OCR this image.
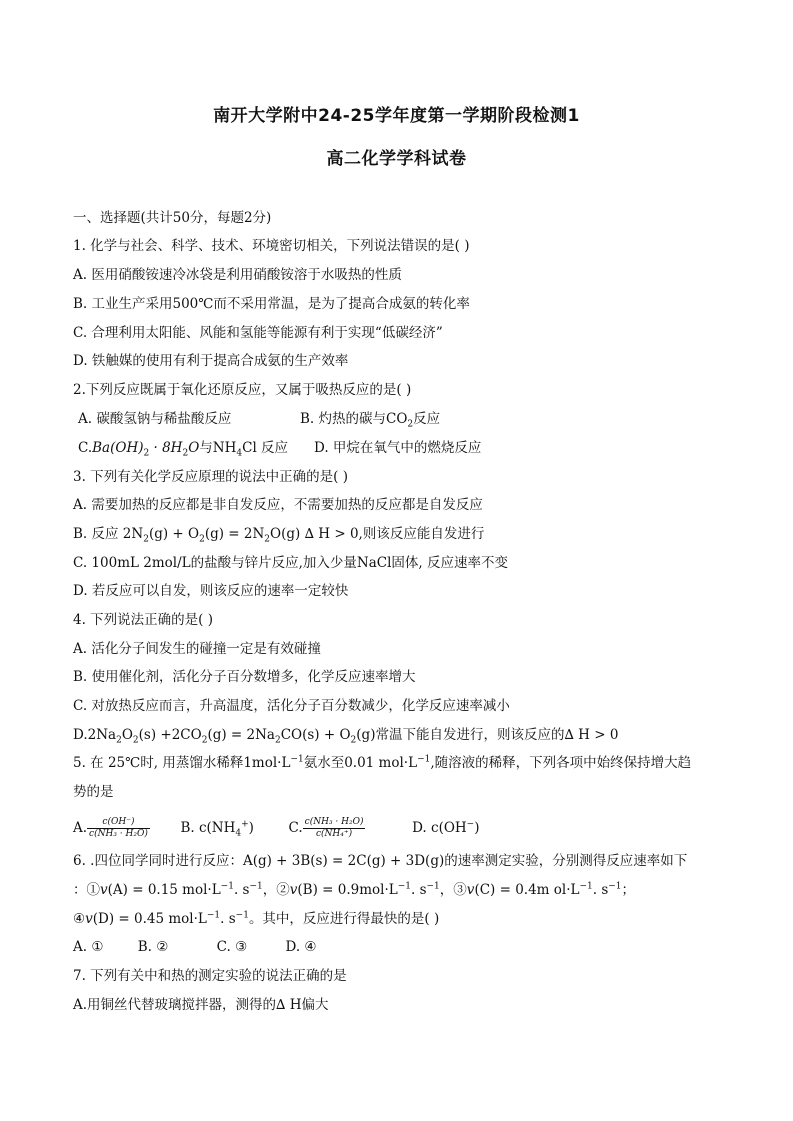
南开大学附中24-25学年度第一学期阶段检测1
高二化学学科试卷
一、选择题(共计50分，每题2分)
1. 化学与社会、科学、技术、环境密切相关，下列说法错误的是( )
A. 医用硝酸铵速冷冰袋是利用硝酸铵溶于水吸热的性质
B. 工业生产采用500℃而不采用常温，是为了提高合成氨的转化率
C. 合理利用太阳能、风能和氢能等能源有利于实现“低碳经济”
D. 铁触媒的使用有利于提高合成氨的生产效率
2.下列反应既属于氧化还原反应，又属于吸热反应的是( )
A. 碳酸氢钠与稀盐酸反应	B. 灼热的碳与$CO_2$反应
$C.Ba(OH)_2 \cdot 8H_2O$与$NH_4Cl$ 反应 D. 甲烷在氧气中的燃烧反应
3. 下列有关化学反应原理的说法中正确的是( )
A. 需要加热的反应都是非自发反应，不需要加热的反应都是自发反应
B. 反应 $2N_2(g) + O_2(g) = 2N_2O(g)$ ∆ H > 0,则该反应能自发进行
C. 100mL 2mol/L的盐酸与锌片反应,加入少量NaCl固体, 反应速率不变
D. 若反应可以自发，则该反应的速率一定较快
4. 下列说法正确的是( )
A. 活化分子间发生的碰撞一定是有效碰撞
B. 使用催化剂，活化分子百分数增多，化学反应速率增大
C. 对放热反应而言，升高温度，活化分子百分数减少，化学反应速率减小
$D.2Na_2O_2(s) +2CO_2(g) = 2Na_2CO(s) + O_2(g)$常温下能自发进行，则该反应的∆ H > 0
5. 在 25℃时, 用蒸馏水稀释$1mol\cdot L^{-1}$氨水至0.01 $mol\cdot L^{-1}$,随溶液的稀释，下列各项中始终保持增大趋
势的是
A. $\frac{c(OH^-)}{\text{c(NH₃ · H₂O)}} B$. $c(NH_4^+)$	C. $\frac{\text{c(NH₃ · H₂O)}}{\text{c(NH₄⁺)}}$	D. c(OH−)
6. .四位同学同时进行反应：A(g) + 3B(s) = 2C(g) + 3D(g)的速率测定实验，分别测得反应速率如下
：①v(A) = 0.15 $mol\cdot L^{-1}$. $s^{-1}$，②v(B) = $0.9mol\cdot L^{-1}$. $s^{-1}$，③v(C) = 0.4m $ol\cdot L^{-1}$. $s^{-1}$；
④v(D) = 0.45 $mol\cdot L^{-1}$. $s^{-1}$。其中，反应进行得最快的是( )
A. ①	B. ②	C. ③	D. ④
7. 下列有关中和热的测定实验的说法正确的是
A.用铜丝代替玻璃搅拌器，测得的∆ H偏大
